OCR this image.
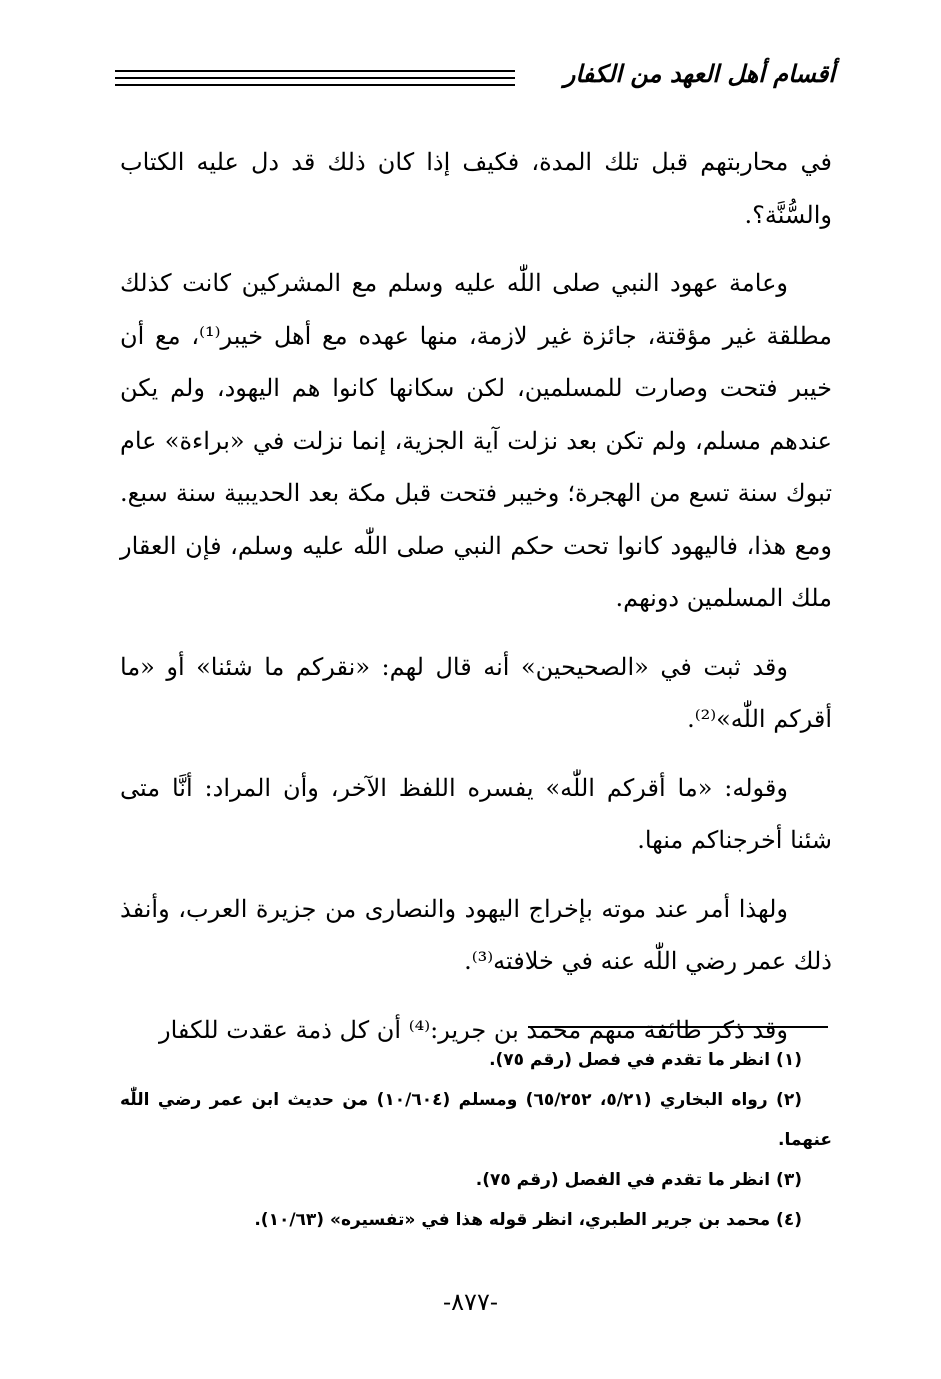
أقسام أهل العهد من الكفار

في محاربتهم قبل تلك المدة، فكيف إذا كان ذلك قد دل عليه الكتاب والسُّنَّة؟.

وعامة عهود النبي صلى اللّٰه عليه وسلم مع المشركين كانت كذلك مطلقة غير مؤقتة، جائزة غير لازمة، منها عهده مع أهل خيبر⁽¹⁾، مع أن خيبر فتحت وصارت للمسلمين، لكن سكانها كانوا هم اليهود، ولم يكن عندهم مسلم، ولم تكن بعد نزلت آية الجزية، إنما نزلت في «براءة» عام تبوك سنة تسع من الهجرة؛ وخيبر فتحت قبل مكة بعد الحديبية سنة سبع. ومع هذا، فاليهود كانوا تحت حكم النبي صلى اللّٰه عليه وسلم، فإن العقار ملك المسلمين دونهم.

وقد ثبت في «الصحيحين» أنه قال لهم: «نقركم ما شئنا» أو «ما أقركم اللّٰه»⁽²⁾.

وقوله: «ما أقركم اللّٰه» يفسره اللفظ الآخر، وأن المراد: أنَّا متى شئنا أخرجناكم منها.

ولهذا أمر عند موته بإخراج اليهود والنصارى من جزيرة العرب، وأنفذ ذلك عمر رضي اللّٰه عنه في خلافته⁽³⁾.

وقد ذكر طائفة منهم محمد بن جرير:⁽⁴⁾ أن كل ذمة عقدت للكفار

(١) انظر ما تقدم في فصل (رقم ٧٥).

(٢) رواه البخاري (٥/٢١، ٦٥/٢٥٢) ومسلم (١٠/٦٠٤) من حديث ابن عمر رضي اللّٰه عنهما.

(٣) انظر ما تقدم في الفصل (رقم ٧٥).

(٤) محمد بن جرير الطبري، انظر قوله هذا في «تفسيره» (١٠/٦٣).

-٨٧٧-
